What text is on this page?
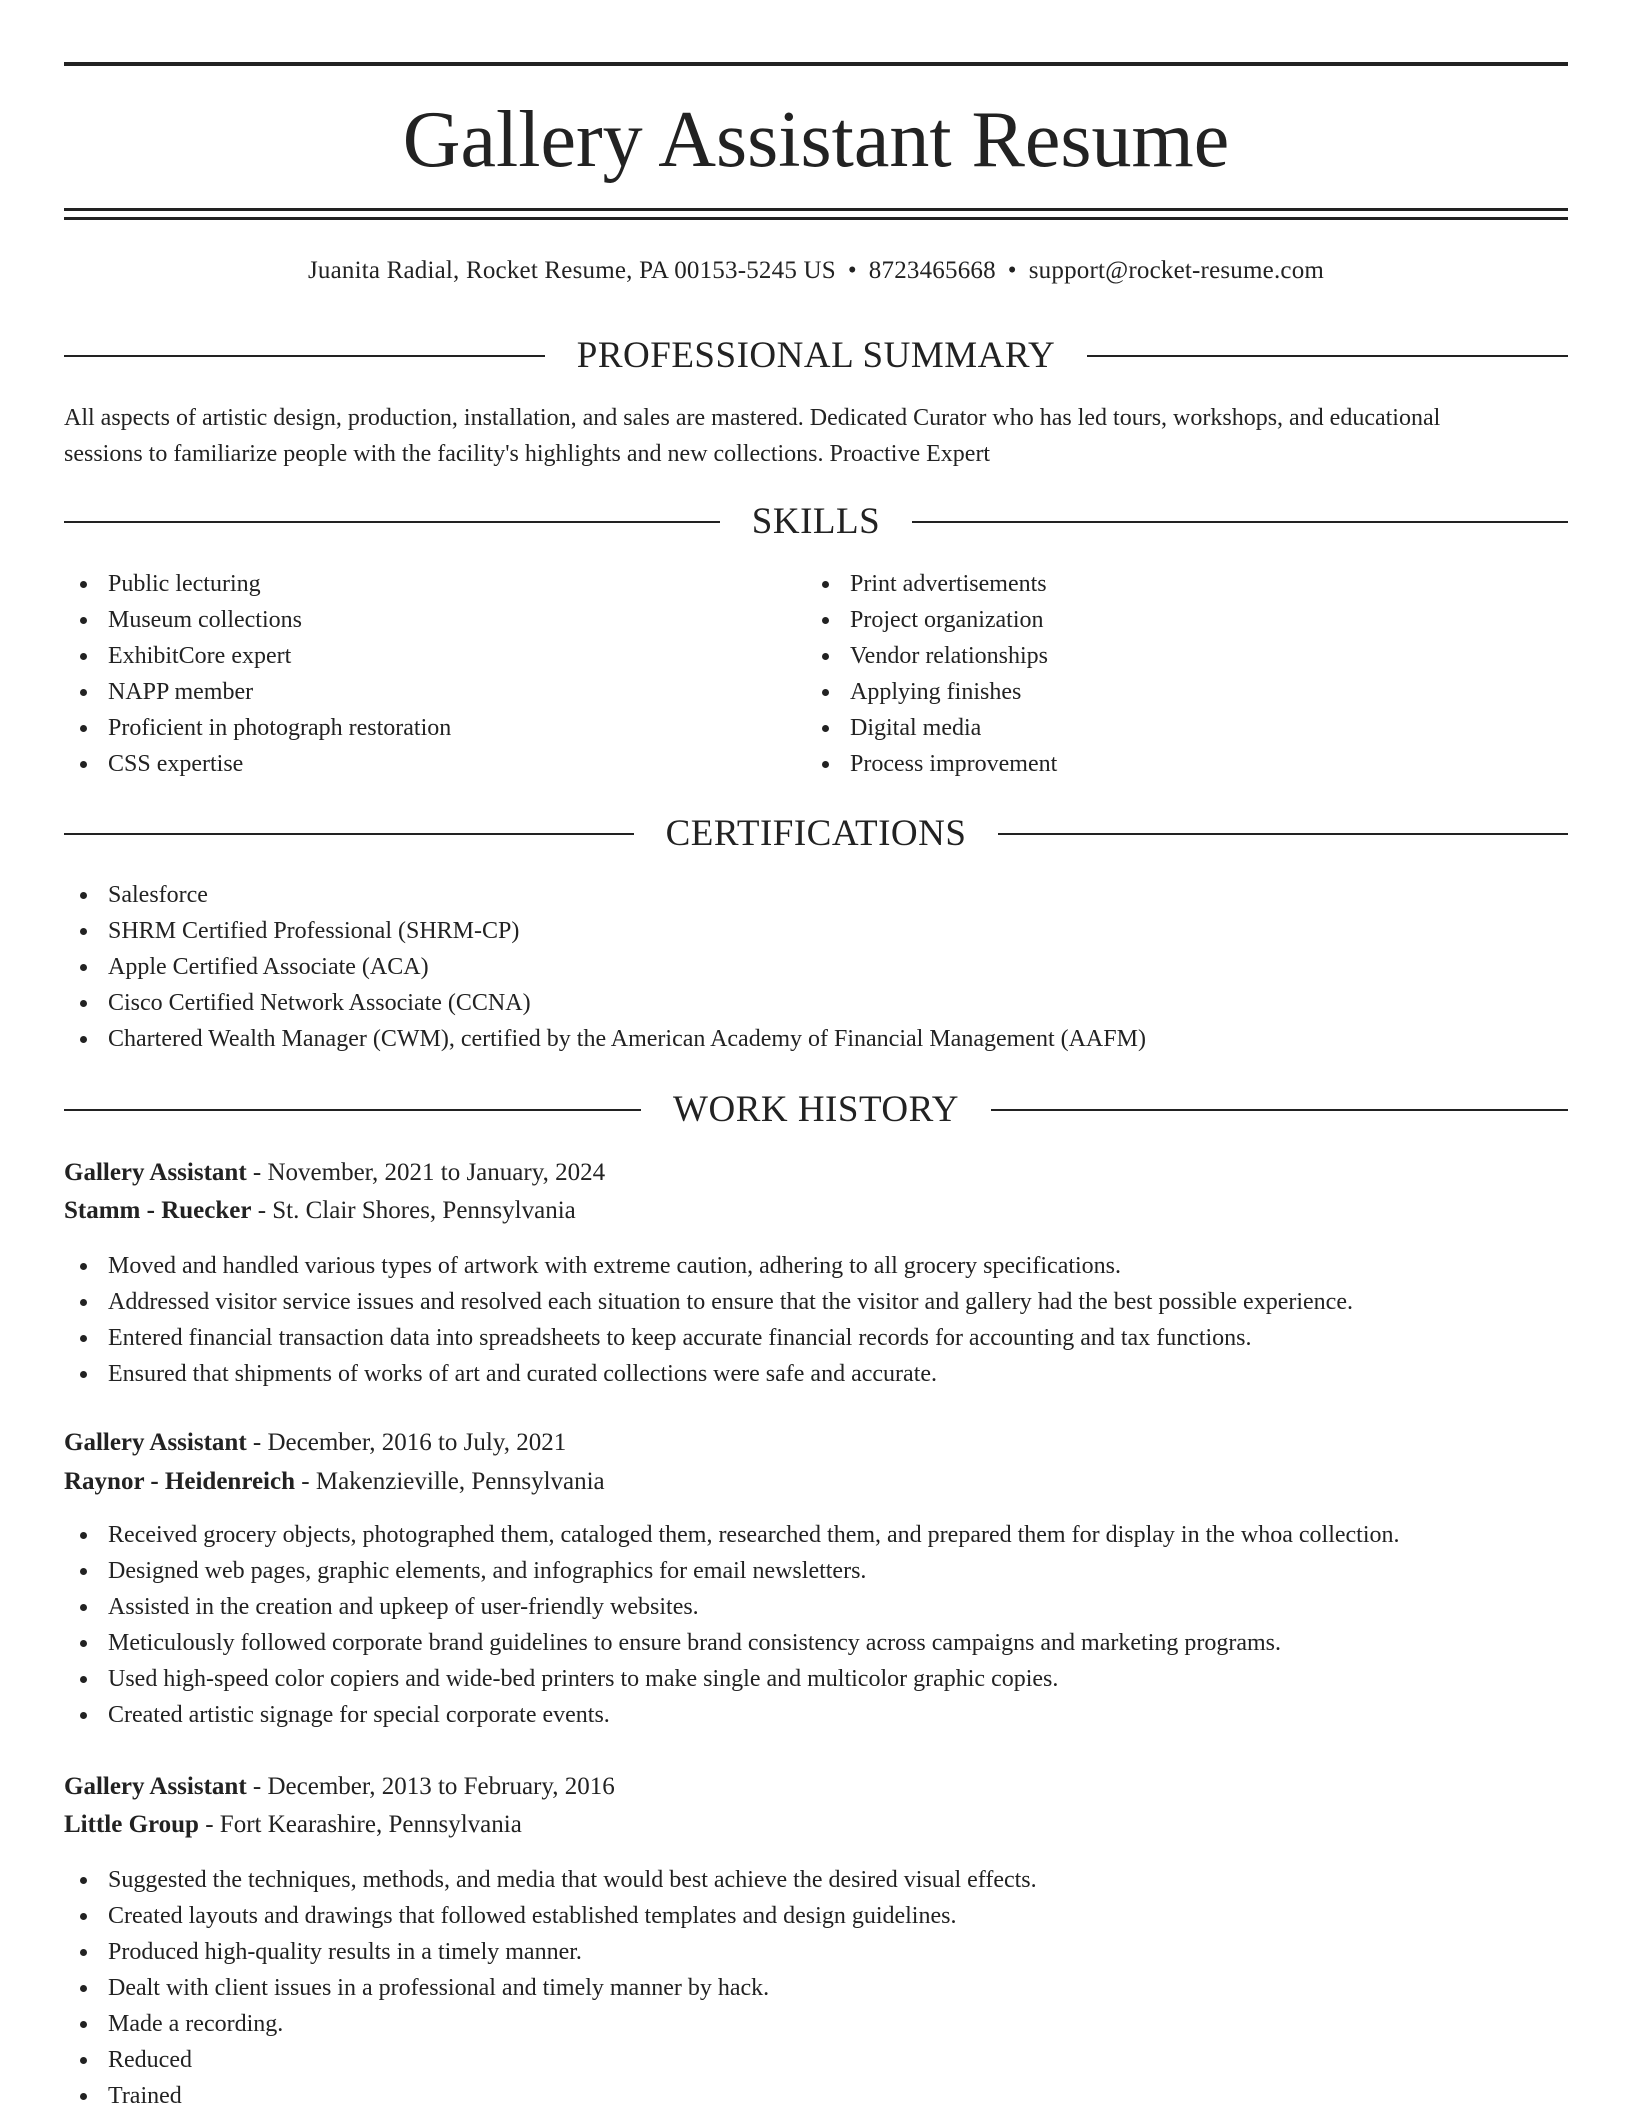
Gallery Assistant Resume
Juanita Radial, Rocket Resume, PA 00153-5245 US • 8723465668 • support@rocket-resume.com
PROFESSIONAL SUMMARY
All aspects of artistic design, production, installation, and sales are mastered. Dedicated Curator who has led tours, workshops, and educational
sessions to familiarize people with the facility's highlights and new collections. Proactive Expert
SKILLS
Public lecturing
Museum collections
ExhibitCore expert
NAPP member
Proficient in photograph restoration
CSS expertise
Print advertisements
Project organization
Vendor relationships
Applying finishes
Digital media
Process improvement
CERTIFICATIONS
Salesforce
SHRM Certified Professional (SHRM-CP)
Apple Certified Associate (ACA)
Cisco Certified Network Associate (CCNA)
Chartered Wealth Manager (CWM), certified by the American Academy of Financial Management (AAFM)
WORK HISTORY
Gallery Assistant - November, 2021 to January, 2024
Stamm - Ruecker - St. Clair Shores, Pennsylvania
Moved and handled various types of artwork with extreme caution, adhering to all grocery specifications.
Addressed visitor service issues and resolved each situation to ensure that the visitor and gallery had the best possible experience.
Entered financial transaction data into spreadsheets to keep accurate financial records for accounting and tax functions.
Ensured that shipments of works of art and curated collections were safe and accurate.
Gallery Assistant - December, 2016 to July, 2021
Raynor - Heidenreich - Makenzieville, Pennsylvania
Received grocery objects, photographed them, cataloged them, researched them, and prepared them for display in the whoa collection.
Designed web pages, graphic elements, and infographics for email newsletters.
Assisted in the creation and upkeep of user-friendly websites.
Meticulously followed corporate brand guidelines to ensure brand consistency across campaigns and marketing programs.
Used high-speed color copiers and wide-bed printers to make single and multicolor graphic copies.
Created artistic signage for special corporate events.
Gallery Assistant - December, 2013 to February, 2016
Little Group - Fort Kearashire, Pennsylvania
Suggested the techniques, methods, and media that would best achieve the desired visual effects.
Created layouts and drawings that followed established templates and design guidelines.
Produced high-quality results in a timely manner.
Dealt with client issues in a professional and timely manner by hack.
Made a recording.
Reduced
Trained
